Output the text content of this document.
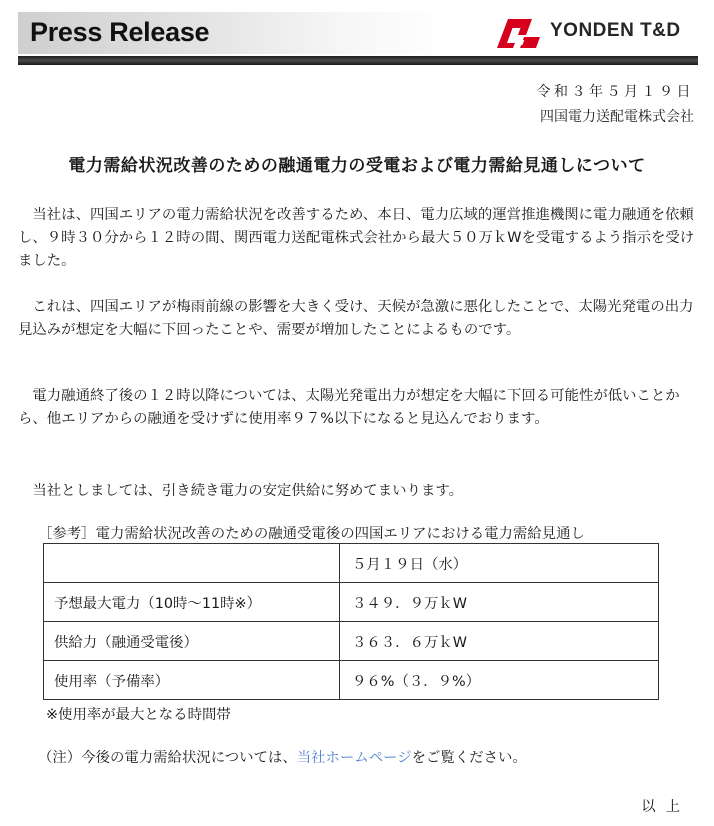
Press Release	YONDEN T&D
令和３年５月１９日
四国電力送配電株式会社
電力需給状況改善のための融通電力の受電および電力需給見通しについて

当社は、四国エリアの電力需給状況を改善するため、本日、電力広域的運営推進機関に電力融通を依頼し、９時３０分から１２時の間、関西電力送配電株式会社から最大５０万ｋWを受電するよう指示を受けました。

これは、四国エリアが梅雨前線の影響を大きく受け、天候が急激に悪化したことで、太陽光発電の出力見込みが想定を大幅に下回ったことや、需要が増加したことによるものです。

電力融通終了後の１２時以降については、太陽光発電出力が想定を大幅に下回る可能性が低いことから、他エリアからの融通を受けずに使用率９７%以下になると見込んでおります。

当社としましては、引き続き電力の安定供給に努めてまいります。

［参考］電力需給状況改善のための融通受電後の四国エリアにおける電力需給見通し
	５月１９日（水）
予想最大電力（10時～11時※）	３４９．９万ｋW
供給力（融通受電後）	３６３．６万ｋW
使用率（予備率）	９６%（３．９%）
※使用率が最大となる時間帯
（注）今後の電力需給状況については、当社ホームページをご覧ください。
以上
